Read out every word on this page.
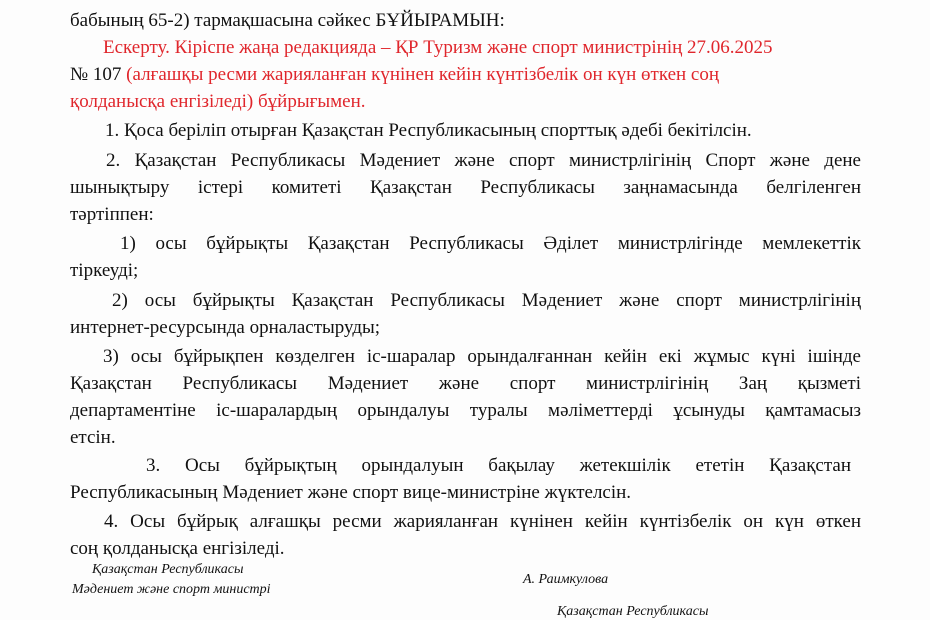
бабының 65-2) тармақшасына сәйкес БҰЙЫРАМЫН:

Ескерту. Кіріспе жаңа редакцияда – ҚР Туризм және спорт министрінің 27.06.2025

№ 107 (алғашқы ресми жарияланған күнінен кейін күнтізбелік он күн өткен соң

қолданысқа енгізіледі) бұйрығымен.

1. Қоса беріліп отырған Қазақстан Республикасының спорттық әдебі бекітілсін.

2. Қазақстан Республикасы Мәдениет және спорт министрлігінің Спорт және дене

шынықтыру істері комитеті Қазақстан Республикасы заңнамасында белгіленген

тәртіппен:

1) осы бұйрықты Қазақстан Республикасы Әділет министрлігінде мемлекеттік

тіркеуді;

2) осы бұйрықты Қазақстан Республикасы Мәдениет және спорт министрлігінің

интернет-ресурсында орналастыруды;

3) осы бұйрықпен көзделген іс-шаралар орындалғаннан кейін екі жұмыс күні ішінде

Қазақстан Республикасы Мәдениет және спорт министрлігінің Заң қызметі

департаментіне іс-шаралардың орындалуы туралы мәліметтерді ұсынуды қамтамасыз

етсін.

3. Осы бұйрықтың орындалуын бақылау жетекшілік ететін Қазақстан

Республикасының Мәдениет және спорт вице-министріне жүктелсін.

4. Осы бұйрық алғашқы ресми жарияланған күнінен кейін күнтізбелік он күн өткен

соң қолданысқа енгізіледі.

Қазақстан Республикасы
Мәдениет және спорт министрі
А. Раимкулова
Қазақстан Республикасы
